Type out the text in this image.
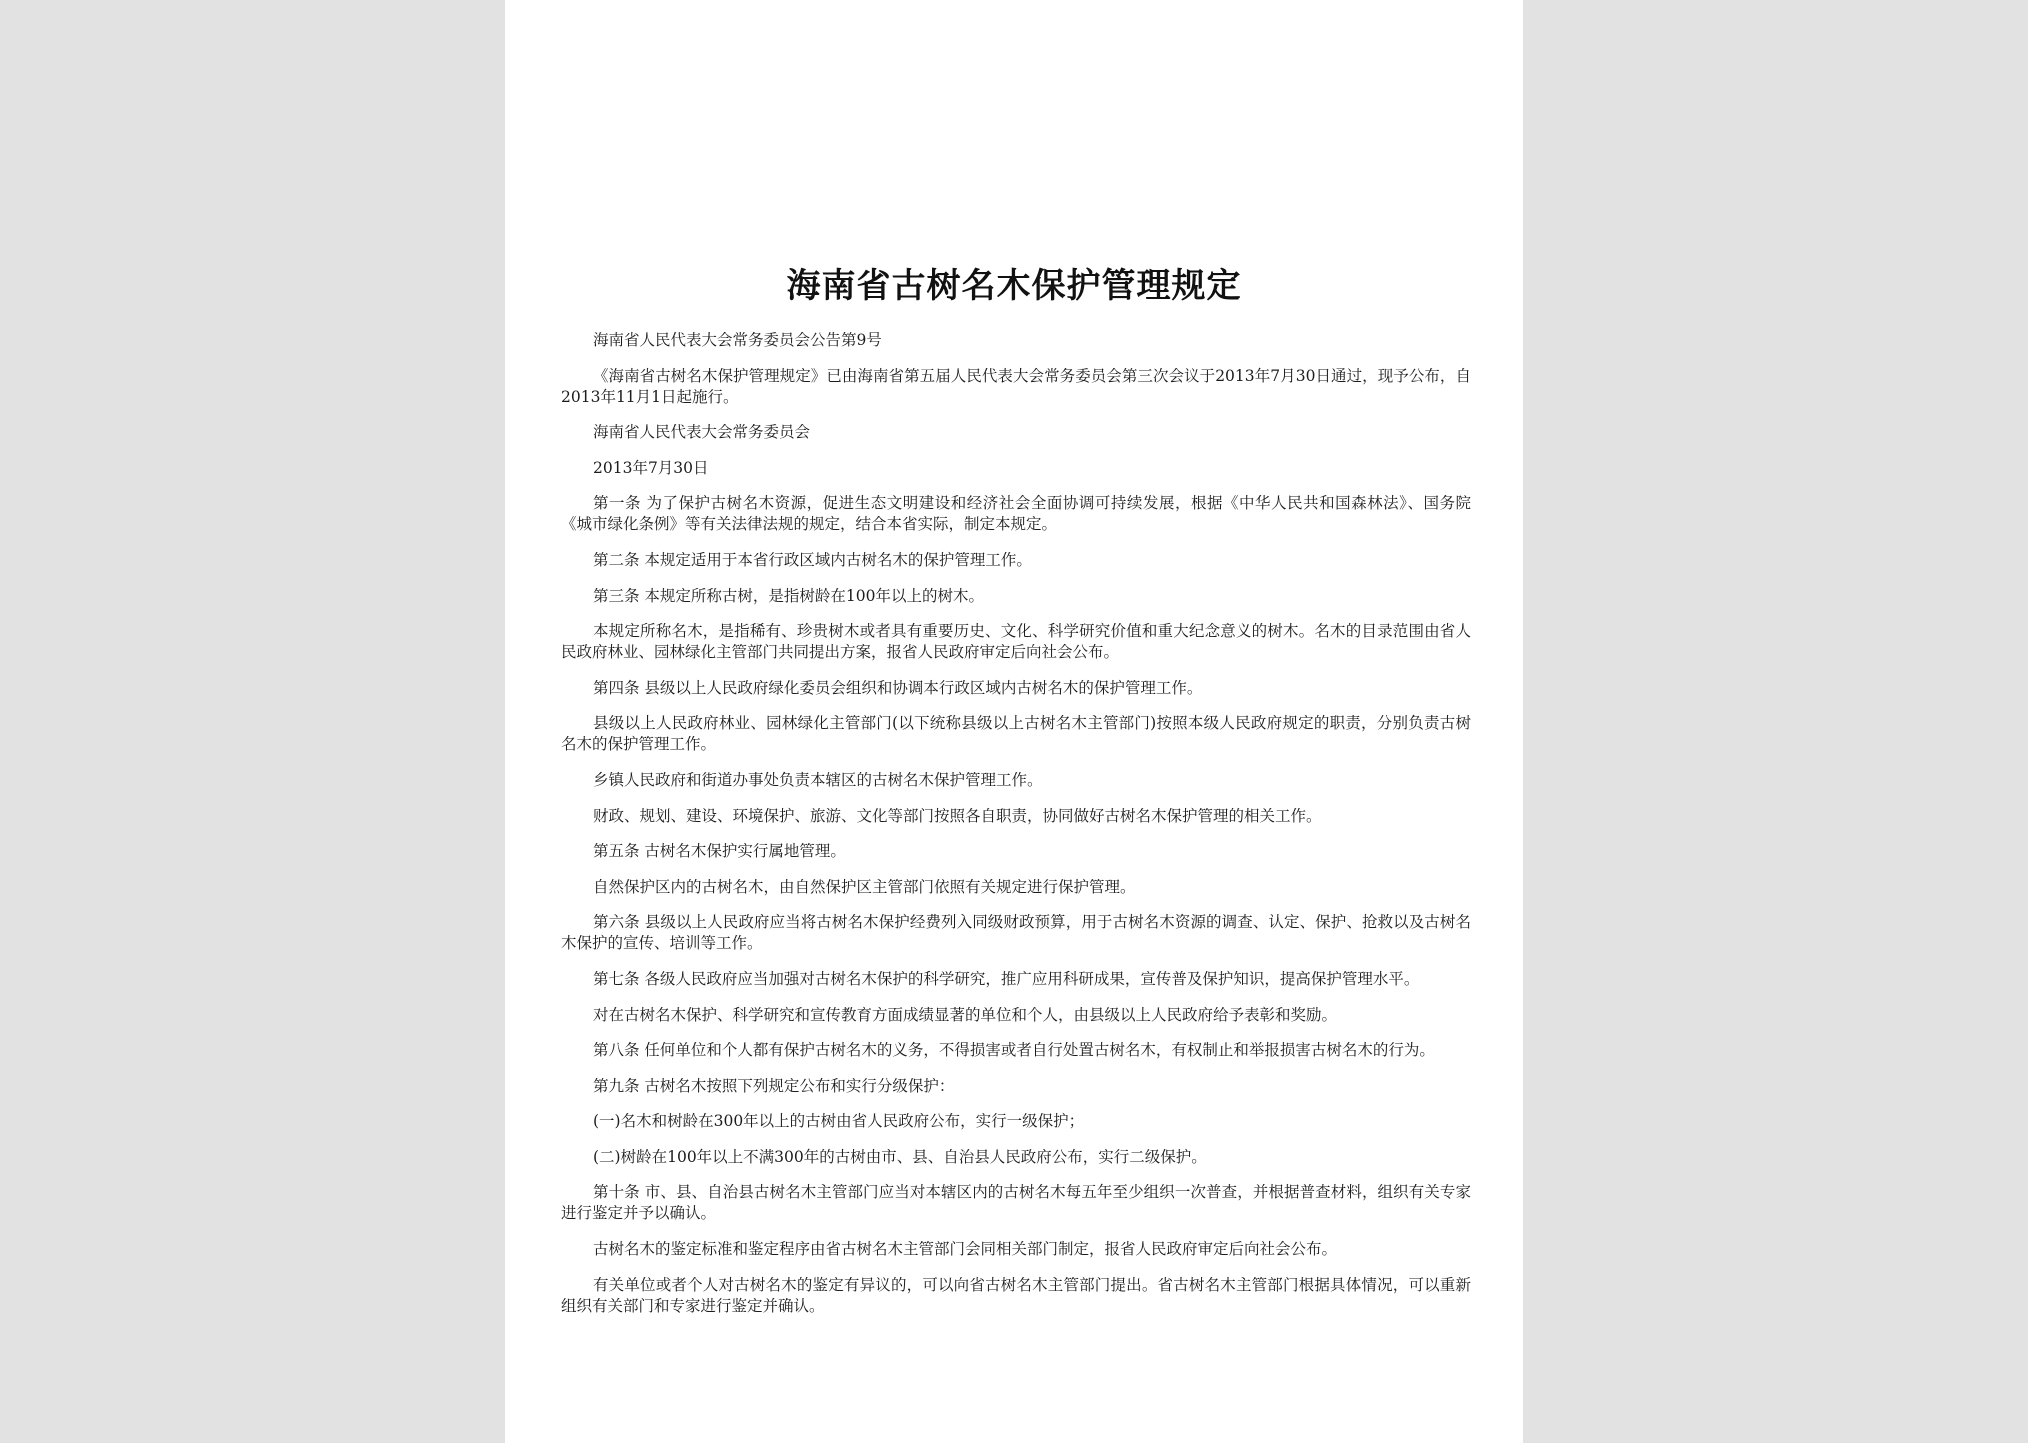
海南省古树名木保护管理规定

海南省人民代表大会常务委员会公告第9号

《海南省古树名木保护管理规定》已由海南省第五届人民代表大会常务委员会第三次会议于2013年7月30日通过，现予公布，自2013年11月1日起施行。

海南省人民代表大会常务委员会

2013年7月30日

第一条 为了保护古树名木资源，促进生态文明建设和经济社会全面协调可持续发展，根据《中华人民共和国森林法》、国务院《城市绿化条例》等有关法律法规的规定，结合本省实际，制定本规定。

第二条 本规定适用于本省行政区域内古树名木的保护管理工作。

第三条 本规定所称古树，是指树龄在100年以上的树木。

本规定所称名木，是指稀有、珍贵树木或者具有重要历史、文化、科学研究价值和重大纪念意义的树木。名木的目录范围由省人民政府林业、园林绿化主管部门共同提出方案，报省人民政府审定后向社会公布。

第四条 县级以上人民政府绿化委员会组织和协调本行政区域内古树名木的保护管理工作。

县级以上人民政府林业、园林绿化主管部门(以下统称县级以上古树名木主管部门)按照本级人民政府规定的职责，分别负责古树名木的保护管理工作。

乡镇人民政府和街道办事处负责本辖区的古树名木保护管理工作。

财政、规划、建设、环境保护、旅游、文化等部门按照各自职责，协同做好古树名木保护管理的相关工作。

第五条 古树名木保护实行属地管理。

自然保护区内的古树名木，由自然保护区主管部门依照有关规定进行保护管理。

第六条 县级以上人民政府应当将古树名木保护经费列入同级财政预算，用于古树名木资源的调查、认定、保护、抢救以及古树名木保护的宣传、培训等工作。

第七条 各级人民政府应当加强对古树名木保护的科学研究，推广应用科研成果，宣传普及保护知识，提高保护管理水平。

对在古树名木保护、科学研究和宣传教育方面成绩显著的单位和个人，由县级以上人民政府给予表彰和奖励。

第八条 任何单位和个人都有保护古树名木的义务，不得损害或者自行处置古树名木，有权制止和举报损害古树名木的行为。

第九条 古树名木按照下列规定公布和实行分级保护：

(一)名木和树龄在300年以上的古树由省人民政府公布，实行一级保护；

(二)树龄在100年以上不满300年的古树由市、县、自治县人民政府公布，实行二级保护。

第十条 市、县、自治县古树名木主管部门应当对本辖区内的古树名木每五年至少组织一次普查，并根据普查材料，组织有关专家进行鉴定并予以确认。

古树名木的鉴定标准和鉴定程序由省古树名木主管部门会同相关部门制定，报省人民政府审定后向社会公布。

有关单位或者个人对古树名木的鉴定有异议的，可以向省古树名木主管部门提出。省古树名木主管部门根据具体情况，可以重新组织有关部门和专家进行鉴定并确认。
